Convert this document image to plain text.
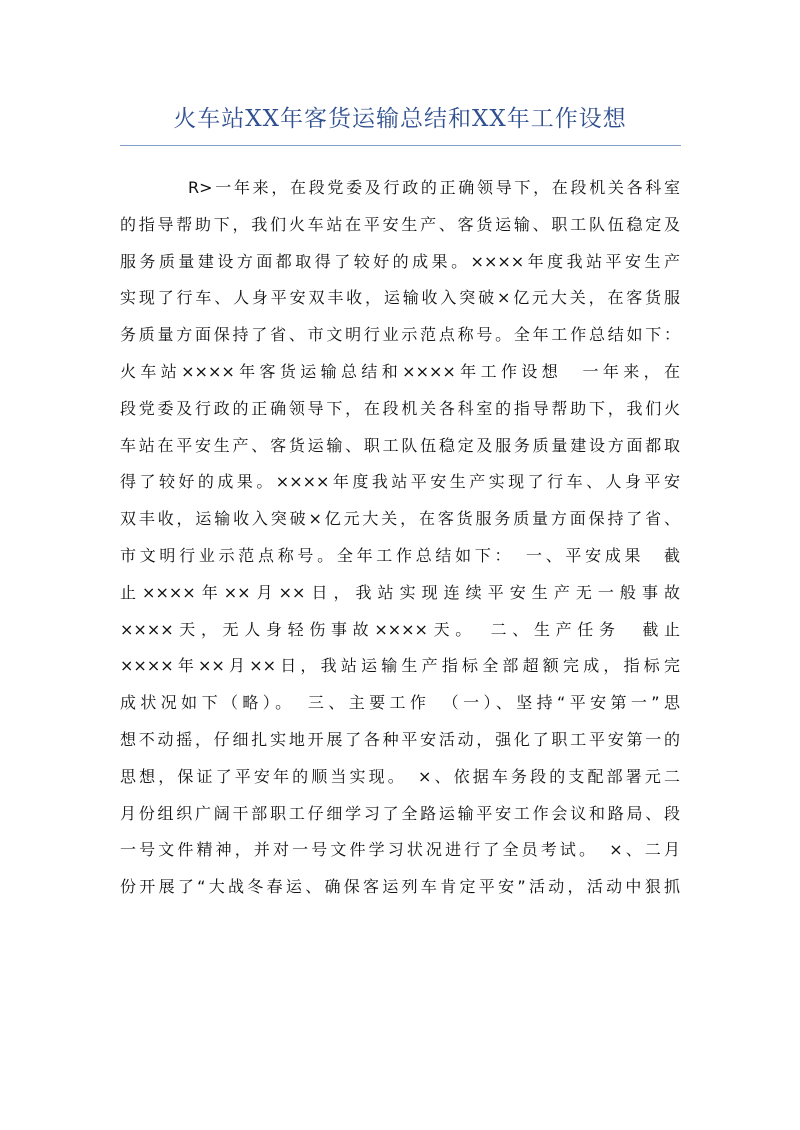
火车站XX年客货运输总结和XX年工作设想
R>一年来，在段党委及行政的正确领导下，在段机关各科室
的指导帮助下，我们火车站在平安生产、客货运输、职工队伍稳定及
服务质量建设方面都取得了较好的成果。××××年度我站平安生产
实现了行车、人身平安双丰收，运输收入突破×亿元大关，在客货服
务质量方面保持了省、市文明行业示范点称号。全年工作总结如下：
火车站××××年客货运输总结和××××年工作设想　一年来，在
段党委及行政的正确领导下，在段机关各科室的指导帮助下，我们火
车站在平安生产、客货运输、职工队伍稳定及服务质量建设方面都取
得了较好的成果。××××年度我站平安生产实现了行车、人身平安
双丰收，运输收入突破×亿元大关，在客货服务质量方面保持了省、
市文明行业示范点称号。全年工作总结如下：　一、平安成果　截
止××××年××月××日，我站实现连续平安生产无一般事故
××××天，无人身轻伤事故××××天。　二、生产任务　截止
××××年××月××日，我站运输生产指标全部超额完成，指标完
成状况如下（略）。　三、主要工作　（一）、坚持“平安第一”思
想不动摇，仔细扎实地开展了各种平安活动，强化了职工平安第一的
思想，保证了平安年的顺当实现。　×、依据车务段的支配部署元二
月份组织广阔干部职工仔细学习了全路运输平安工作会议和路局、段
一号文件精神，并对一号文件学习状况进行了全员考试。　×、二月
份开展了“大战冬春运、确保客运列车肯定平安”活动，活动中狠抓
